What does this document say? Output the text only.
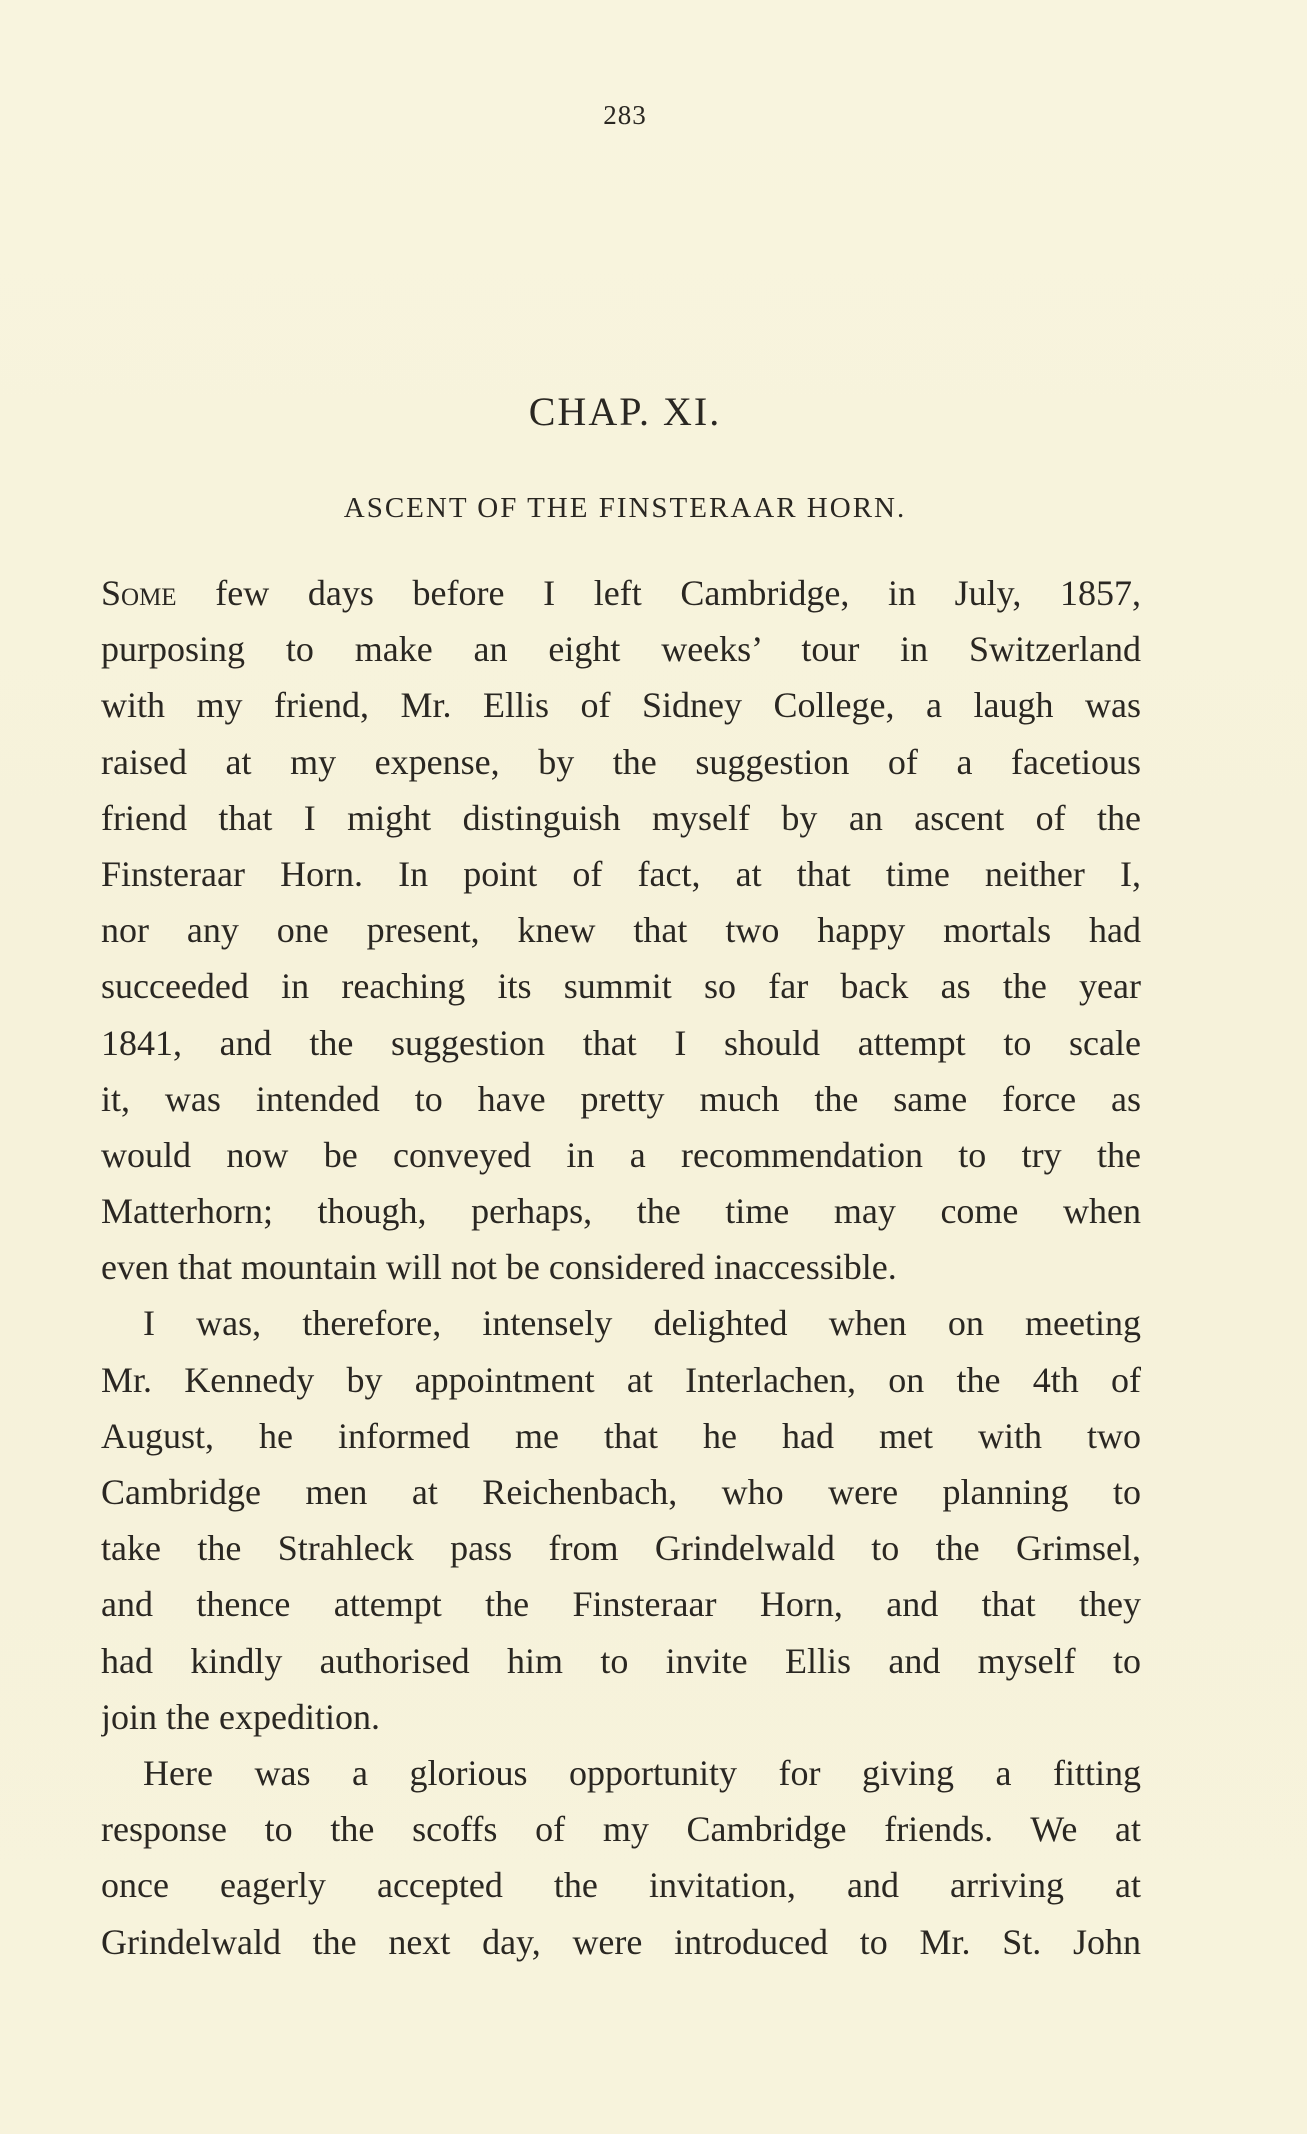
283
CHAP. XI.
ASCENT OF THE FINSTERAAR HORN.
Some few days before I left Cambridge, in July, 1857,
purposing to make an eight weeks’ tour in Switzerland
with my friend, Mr. Ellis of Sidney College, a laugh was
raised at my expense, by the suggestion of a facetious
friend that I might distinguish myself by an ascent of the
Finsteraar Horn. In point of fact, at that time neither I,
nor any one present, knew that two happy mortals had
succeeded in reaching its summit so far back as the year
1841, and the suggestion that I should attempt to scale
it, was intended to have pretty much the same force as
would now be conveyed in a recommendation to try the
Matterhorn; though, perhaps, the time may come when
even that mountain will not be considered inaccessible.
I was, therefore, intensely delighted when on meeting
Mr. Kennedy by appointment at Interlachen, on the 4th of
August, he informed me that he had met with two
Cambridge men at Reichenbach, who were planning to
take the Strahleck pass from Grindelwald to the Grimsel,
and thence attempt the Finsteraar Horn, and that they
had kindly authorised him to invite Ellis and myself to
join the expedition.
Here was a glorious opportunity for giving a fitting
response to the scoffs of my Cambridge friends. We at
once eagerly accepted the invitation, and arriving at
Grindelwald the next day, were introduced to Mr. St. John
